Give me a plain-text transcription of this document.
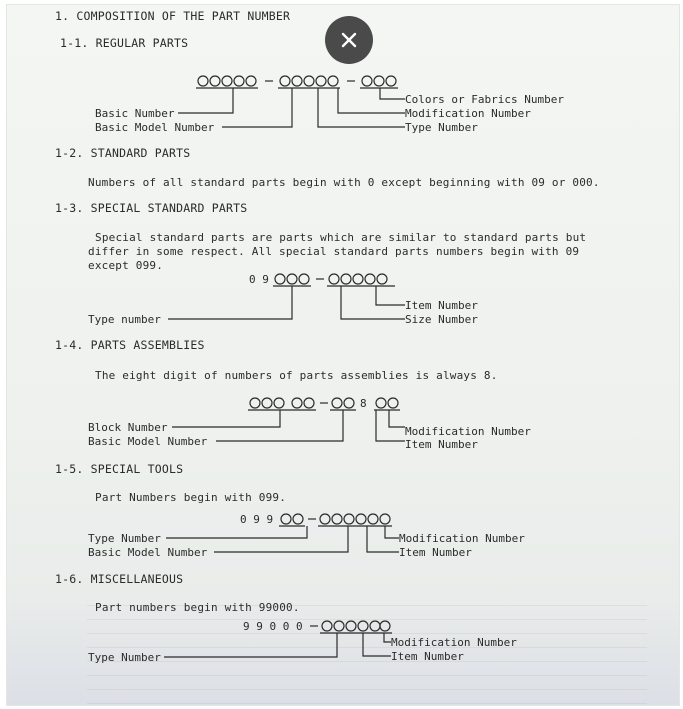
1. COMPOSITION OF THE PART NUMBER
1-1. REGULAR PARTS
1-2. STANDARD PARTS
Numbers of all standard parts begin with 0 except beginning with 09 or 000.
1-3. SPECIAL STANDARD PARTS
Special standard parts are parts which are similar to standard parts but
differ in some respect. All special standard parts numbers begin with 09
except 099.
1-4. PARTS ASSEMBLIES
The eight digit of numbers of parts assemblies is always 8.
1-5. SPECIAL TOOLS
Part Numbers begin with 099.
1-6. MISCELLANEOUS
Part numbers begin with 99000.
Colors or Fabrics Number
Modification Number
Type Number
Basic Number
Basic Model Number
0 9
Item Number
Size Number
Type number
8
Modification Number
Item Number
Block Number
Basic Model Number
0 9 9
Modification Number
Item Number
Type Number
Basic Model Number
9 9 0 0 0
Modification Number
Item Number
Type Number
